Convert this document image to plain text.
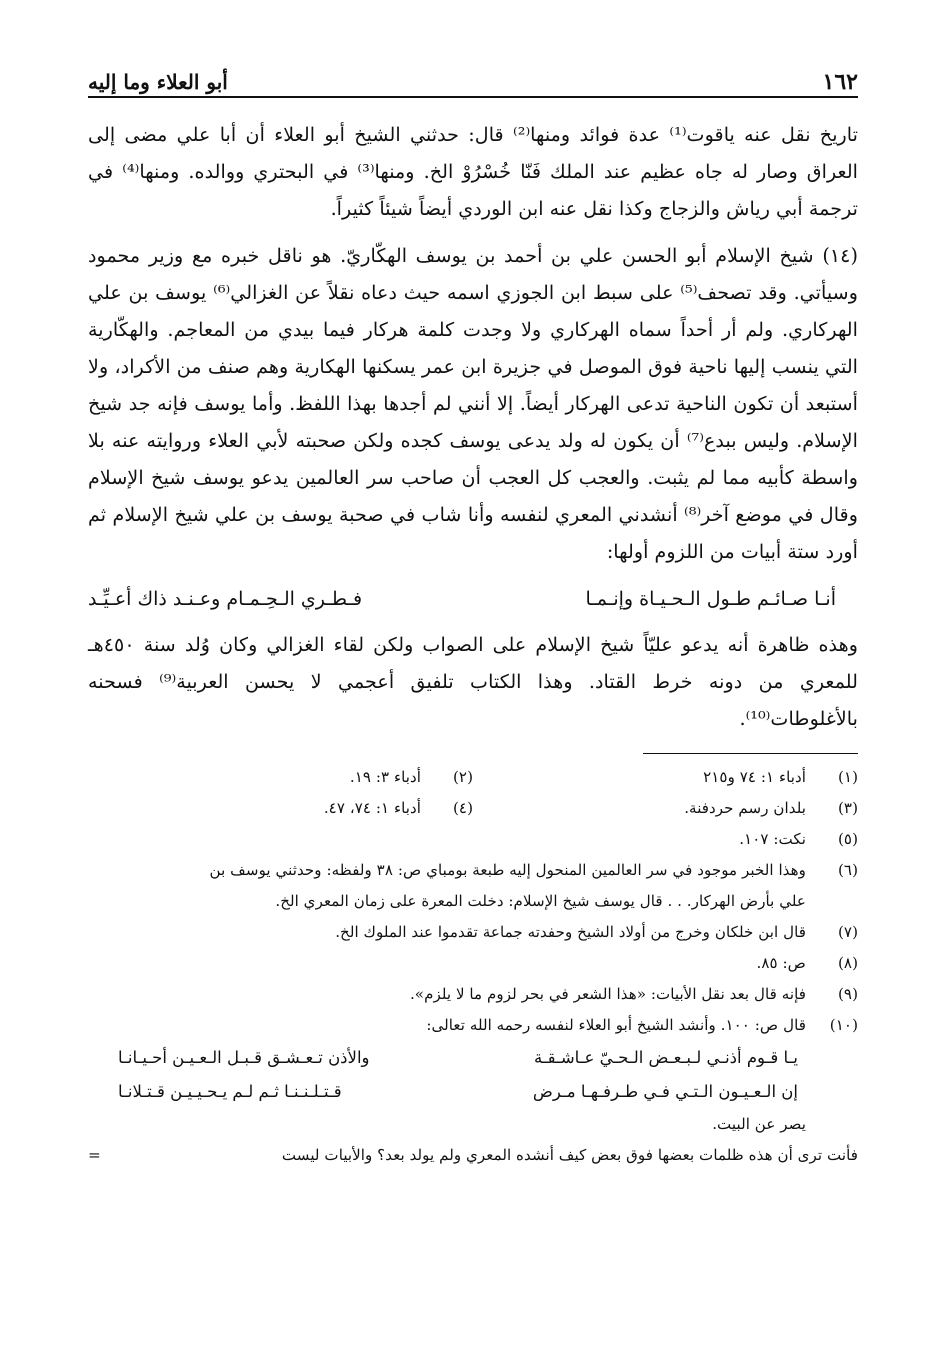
١٦٢
أبو العلاء وما إليه

تاريخ نقل عنه ياقوت⁽¹⁾ عدة فوائد ومنها⁽²⁾ قال: حدثني الشيخ أبو العلاء أن أبا علي مضى إلى العراق وصار له جاه عظيم عند الملك فَنّا خُسْرُوْ الخ. ومنها⁽³⁾ في البحتري ووالده. ومنها⁽⁴⁾ في ترجمة أبي رياش والزجاج وكذا نقل عنه ابن الوردي أيضاً شيئاً كثيراً.

(١٤) شيخ الإسلام أبو الحسن علي بن أحمد بن يوسف الهكّاريّ. هو ناقل خبره مع وزير محمود وسيأتي. وقد تصحف⁽⁵⁾ على سبط ابن الجوزي اسمه حيث دعاه نقلاً عن الغزالي⁽⁶⁾ يوسف بن علي الهركاري. ولم أر أحداً سماه الهركاري ولا وجدت كلمة هركار فيما بيدي من المعاجم. والهكّارية التي ينسب إليها ناحية فوق الموصل في جزيرة ابن عمر يسكنها الهكارية وهم صنف من الأكراد، ولا أستبعد أن تكون الناحية تدعى الهركار أيضاً. إلا أنني لم أجدها بهذا اللفظ. وأما يوسف فإنه جد شيخ الإسلام. وليس ببدع⁽⁷⁾ أن يكون له ولد يدعى يوسف كجده ولكن صحبته لأبي العلاء وروايته عنه بلا واسطة كأبيه مما لم يثبت. والعجب كل العجب أن صاحب سر العالمين يدعو يوسف شيخ الإسلام وقال في موضع آخر⁽⁸⁾ أنشدني المعري لنفسه وأنا شاب في صحبة يوسف بن علي شيخ الإسلام ثم أورد ستة أبيات من اللزوم أولها:

أنـا صـائـم طـول الـحـيـاة وإنـمـا
فـطـري الـحِـمـام وعـنـد ذاك أعـيِّـد

وهذه ظاهرة أنه يدعو عليّاً شيخ الإسلام على الصواب ولكن لقاء الغزالي وكان وُلد سنة ٤٥٠هـ للمعري من دونه خرط القتاد. وهذا الكتاب تلفيق أعجمي لا يحسن العربية⁽⁹⁾ فسحنه بالأغلوطات⁽¹⁰⁾.

(١)
أدباء ١: ٧٤ و٢١٥
(٢)
أدباء ٣: ١٩.
(٣)
بلدان رسم حردفنة.
(٤)
أدباء ١: ٧٤، ٤٧.
(٥)
نكت: ١٠٧.
(٦)
وهذا الخبر موجود في سر العالمين المنحول إليه طبعة بومباي ص: ٣٨ ولفظه: وحدثني يوسف بن
علي بأرض الهركار. . . قال يوسف شيخ الإسلام: دخلت المعرة على زمان المعري الخ.
(٧)
قال ابن خلكان وخرج من أولاد الشيخ وحفدته جماعة تقدموا عند الملوك الخ.
(٨)
ص: ٨٥.
(٩)
فإنه قال بعد نقل الأبيات: «هذا الشعر في بحر لزوم ما لا يلزم».
(١٠)
قال ص: ١٠٠. وأنشد الشيخ أبو العلاء لنفسه رحمه الله تعالى:
يـا قـوم أذنـي لـبـعـض الـحـيّ عـاشـقـة
والأذن تـعـشـق قـبـل الـعـيـن أحـيـانـا
إن الـعـيـون الـتـي فـي طـرفـهـا مـرض
قـتـلـنـنـا ثـم لـم يـحـيـيـن قـتـلانـا
يصر عن البيت.
فأنت ترى أن هذه ظلمات بعضها فوق بعض كيف أنشده المعري ولم يولد بعد؟ والأبيات ليست
=
